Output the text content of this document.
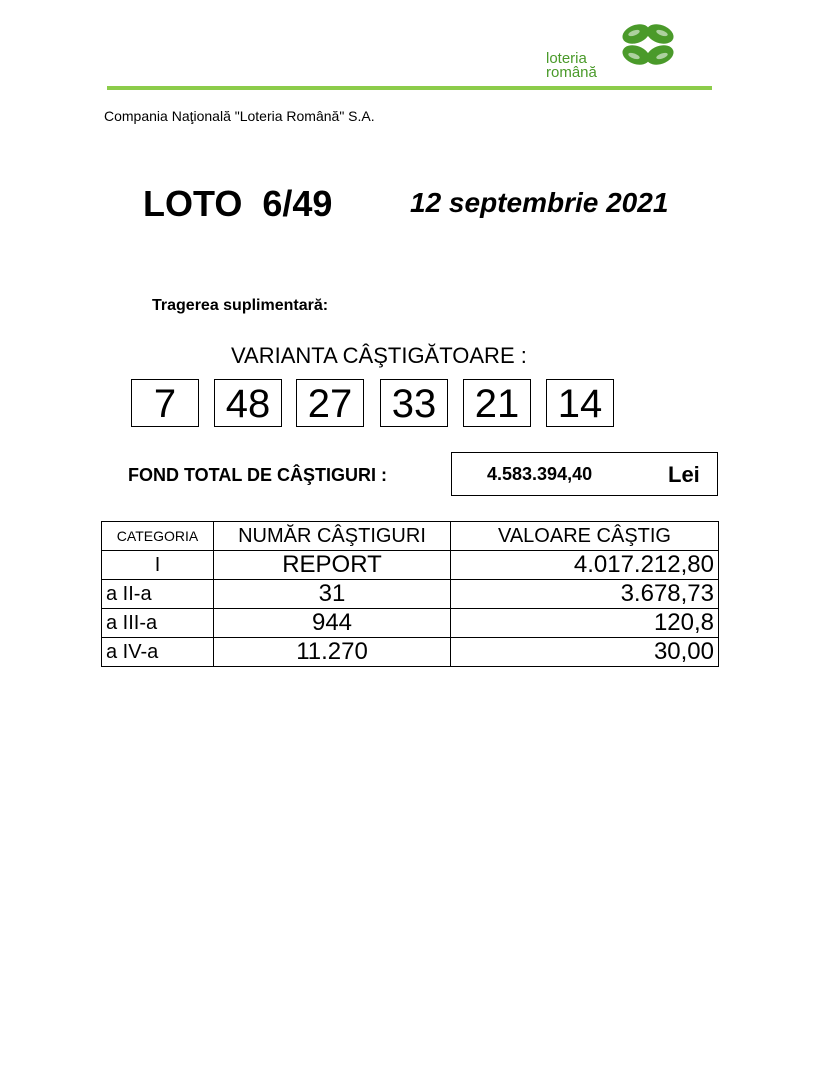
loteria
română
Compania Naţională "Loteria Română" S.A.
LOTO  6/49	12 septembrie 2021
Tragerea suplimentară:
VARIANTA CÂŞTIGĂTOARE :
7	48 27 33 21 14
FOND TOTAL DE CÂŞTIGURI :	4.583.394,40	Lei
CATEGORIA	NUMĂR CÂŞTIGURI	VALOARE CÂŞTIG
I	REPORT	4.017.212,80
a II-a	31	3.678,73
a III-a	944	120,8
a IV-a	11.270	30,00
